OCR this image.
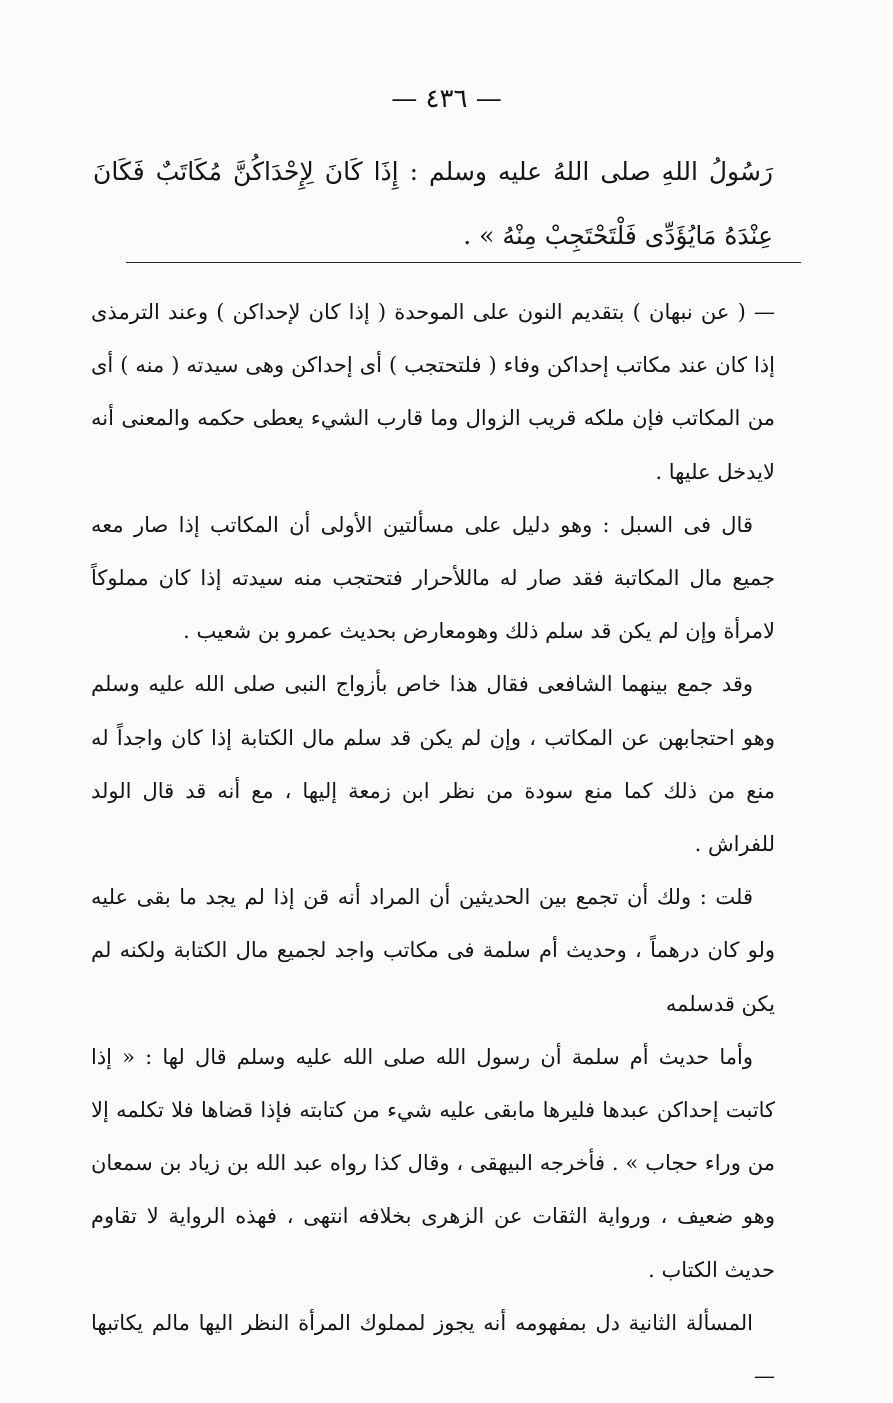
— ٤٣٦ —

رَسُولُ اللهِ صلى اللهُ عليه وسلم : إِذَا كَانَ لِإِحْدَاكُنَّ مُكَاتَبٌ فَكَانَ عِنْدَهُ مَايُؤَدِّى فَلْتَحْتَجِبْ مِنْهُ » .

— ( عن نبهان ) بتقديم النون على الموحدة ( إذا كان لإحداكن ) وعند الترمذى إذا كان عند مكاتب إحداكن وفاء ( فلتحتجب ) أى إحداكن وهى سيدته ( منه ) أى من المكاتب فإن ملكه قريب الزوال وما قارب الشيء يعطى حكمه والمعنى أنه لايدخل عليها .

قال فى السبل : وهو دليل على مسألتين الأولى أن المكاتب إذا صار معه جميع مال المكاتبة فقد صار له ماللأحرار فتحتجب منه سيدته إذا كان مملوكاً لامرأة وإن لم يكن قد سلم ذلك وهومعارض بحديث عمرو بن شعيب .

وقد جمع بينهما الشافعى فقال هذا خاص بأزواج النبى صلى الله عليه وسلم وهو احتجابهن عن المكاتب ، وإن لم يكن قد سلم مال الكتابة إذا كان واجداً له منع من ذلك كما منع سودة من نظر ابن زمعة إليها ، مع أنه قد قال الولد للفراش .

قلت : ولك أن تجمع بين الحديثين أن المراد أنه قن إذا لم يجد ما بقى عليه ولو كان درهماً ، وحديث أم سلمة فى مكاتب واجد لجميع مال الكتابة ولكنه لم يكن قدسلمه

وأما حديث أم سلمة أن رسول الله صلى الله عليه وسلم قال لها : « إذا كاتبت إحداكن عبدها فليرها مابقى عليه شيء من كتابته فإذا قضاها فلا تكلمه إلا من وراء حجاب » . فأخرجه البيهقى ، وقال كذا رواه عبد الله بن زياد بن سمعان وهو ضعيف ، ورواية الثقات عن الزهرى بخلافه انتهى ، فهذه الرواية لا تقاوم حديث الكتاب .

المسألة الثانية دل بمفهومه أنه يجوز لمملوك المرأة النظر اليها مالم يكاتبها —
